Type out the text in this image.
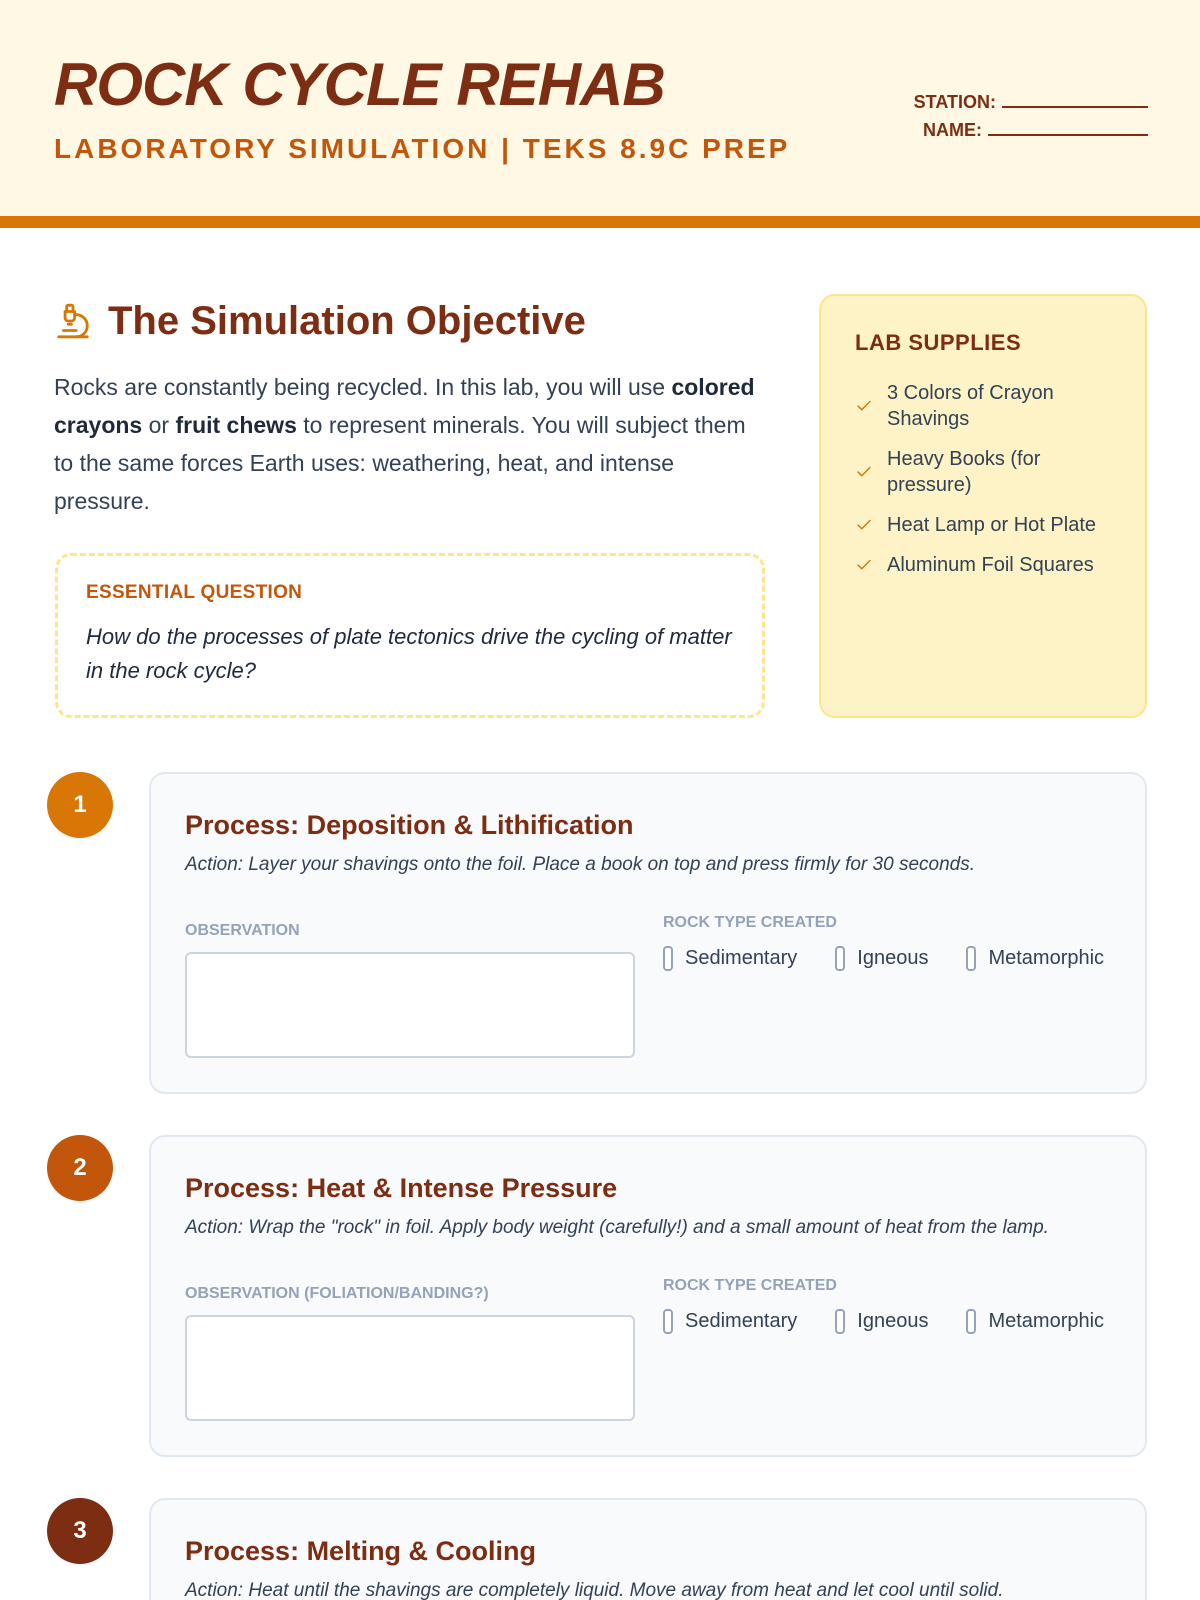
ROCK CYCLE REHAB
LABORATORY SIMULATION | TEKS 8.9C PREP
STATION:
NAME:
The Simulation Objective

Rocks are constantly being recycled. In this lab, you will use colored crayons or fruit chews to represent minerals. You will subject them to the same forces Earth uses: weathering, heat, and intense pressure.

ESSENTIAL QUESTION
How do the processes of plate tectonics drive the cycling of matter in the rock cycle?
LAB SUPPLIES
3 Colors of Crayon Shavings
Heavy Books (for pressure)
Heat Lamp or Hot Plate
Aluminum Foil Squares
1
Process: Deposition & Lithification

Action: Layer your shavings onto the foil. Place a book on top and press firmly for 30 seconds.

OBSERVATION	ROCK TYPE CREATED
Sedimentary	Igneous	Metamorphic
2
Process: Heat & Intense Pressure

Action: Wrap the "rock" in foil. Apply body weight (carefully!) and a small amount of heat from the lamp.

OBSERVATION (FOLIATION/BANDING?)	ROCK TYPE CREATED
Sedimentary	Igneous	Metamorphic
3
Process: Melting & Cooling

Action: Heat until the shavings are completely liquid. Move away from heat and let cool until solid.
